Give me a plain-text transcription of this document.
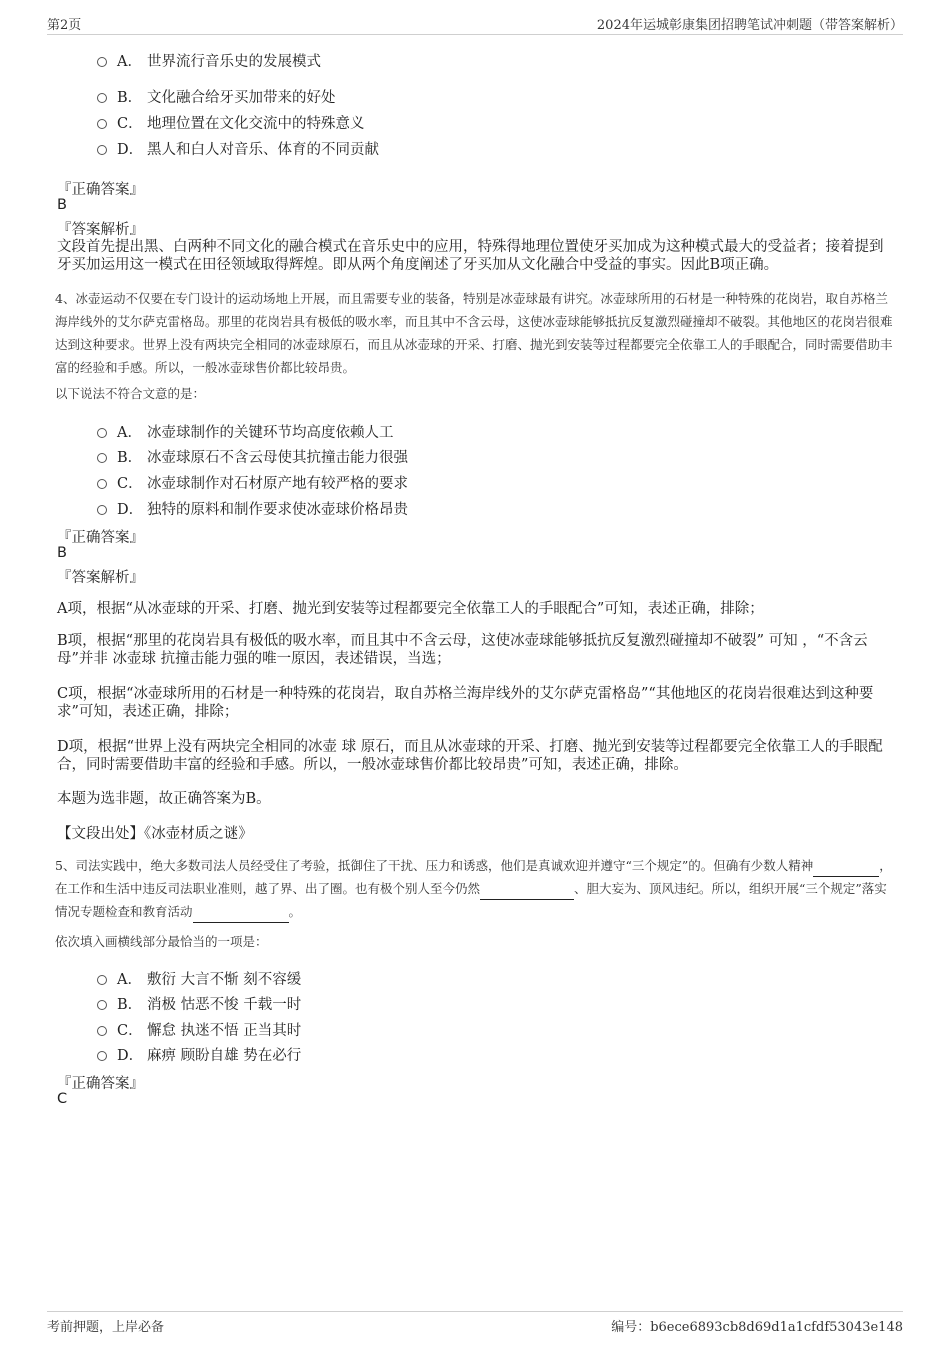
第2页	2024年运城彰康集团招聘笔试冲刺题（带答案解析）
A． 世界流行音乐史的发展模式
B． 文化融合给牙买加带来的好处
C． 地理位置在文化交流中的特殊意义
D． 黑人和白人对音乐、体育的不同贡献
『正确答案』
B
『答案解析』
文段首先提出黑、白两种不同文化的融合模式在音乐史中的应用，特殊得地理位置使牙买加成为这种模式最大的受益者；接着提到牙买加运用这一模式在田径领域取得辉煌。即从两个角度阐述了牙买加从文化融合中受益的事实。因此B项正确。
4、冰壶运动不仅要在专门设计的运动场地上开展，而且需要专业的装备，特别是冰壶球最有讲究。冰壶球所用的石材是一种特殊的花岗岩，取自苏格兰海岸线外的艾尔萨克雷格岛。那里的花岗岩具有极低的吸水率，而且其中不含云母，这使冰壶球能够抵抗反复激烈碰撞却不破裂。其他地区的花岗岩很难达到这种要求。世界上没有两块完全相同的冰壶球原石，而且从冰壶球的开采、打磨、抛光到安装等过程都要完全依靠工人的手眼配合，同时需要借助丰富的经验和手感。所以，一般冰壶球售价都比较昂贵。
以下说法不符合文意的是：
A． 冰壶球制作的关键环节均高度依赖人工
B． 冰壶球原石不含云母使其抗撞击能力很强
C． 冰壶球制作对石材原产地有较严格的要求
D． 独特的原料和制作要求使冰壶球价格昂贵
『正确答案』
B
『答案解析』
A项，根据“从冰壶球的开采、打磨、抛光到安装等过程都要完全依靠工人的手眼配合”可知，表述正确，排除；
B项，根据“那里的花岗岩具有极低的吸水率，而且其中不含云母，这使冰壶球能够抵抗反复激烈碰撞却不破裂” 可知 ，“不含云母”并非 冰壶球 抗撞击能力强的唯一原因，表述错误，当选；
C项，根据“冰壶球所用的石材是一种特殊的花岗岩，取自苏格兰海岸线外的艾尔萨克雷格岛”“其他地区的花岗岩很难达到这种要求”可知，表述正确，排除；
D项，根据“世界上没有两块完全相同的冰壶 球 原石，而且从冰壶球的开采、打磨、抛光到安装等过程都要完全依靠工人的手眼配合，同时需要借助丰富的经验和手感。所以，一般冰壶球售价都比较昂贵”可知，表述正确，排除。
本题为选非题，故正确答案为B。
【文段出处】《冰壶材质之谜》
5、司法实践中，绝大多数司法人员经受住了考验，抵御住了干扰、压力和诱惑，他们是真诚欢迎并遵守“三个规定”的。但确有少数人精神	，在工作和生活中违反司法职业准则，越了界、出了圈。也有极个别人至今仍然	、胆大妄为、顶风违纪。所以，组织开展“三个规定”落实情况专题检查和教育活动	。
依次填入画横线部分最恰当的一项是：
A． 敷衍 大言不惭 刻不容缓
B． 消极 怙恶不悛 千载一时
C． 懈怠 执迷不悟 正当其时
D． 麻痹 顾盼自雄 势在必行
『正确答案』
C
考前押题，上岸必备	编号：b6ece6893cb8d69d1a1cfdf53043e148
